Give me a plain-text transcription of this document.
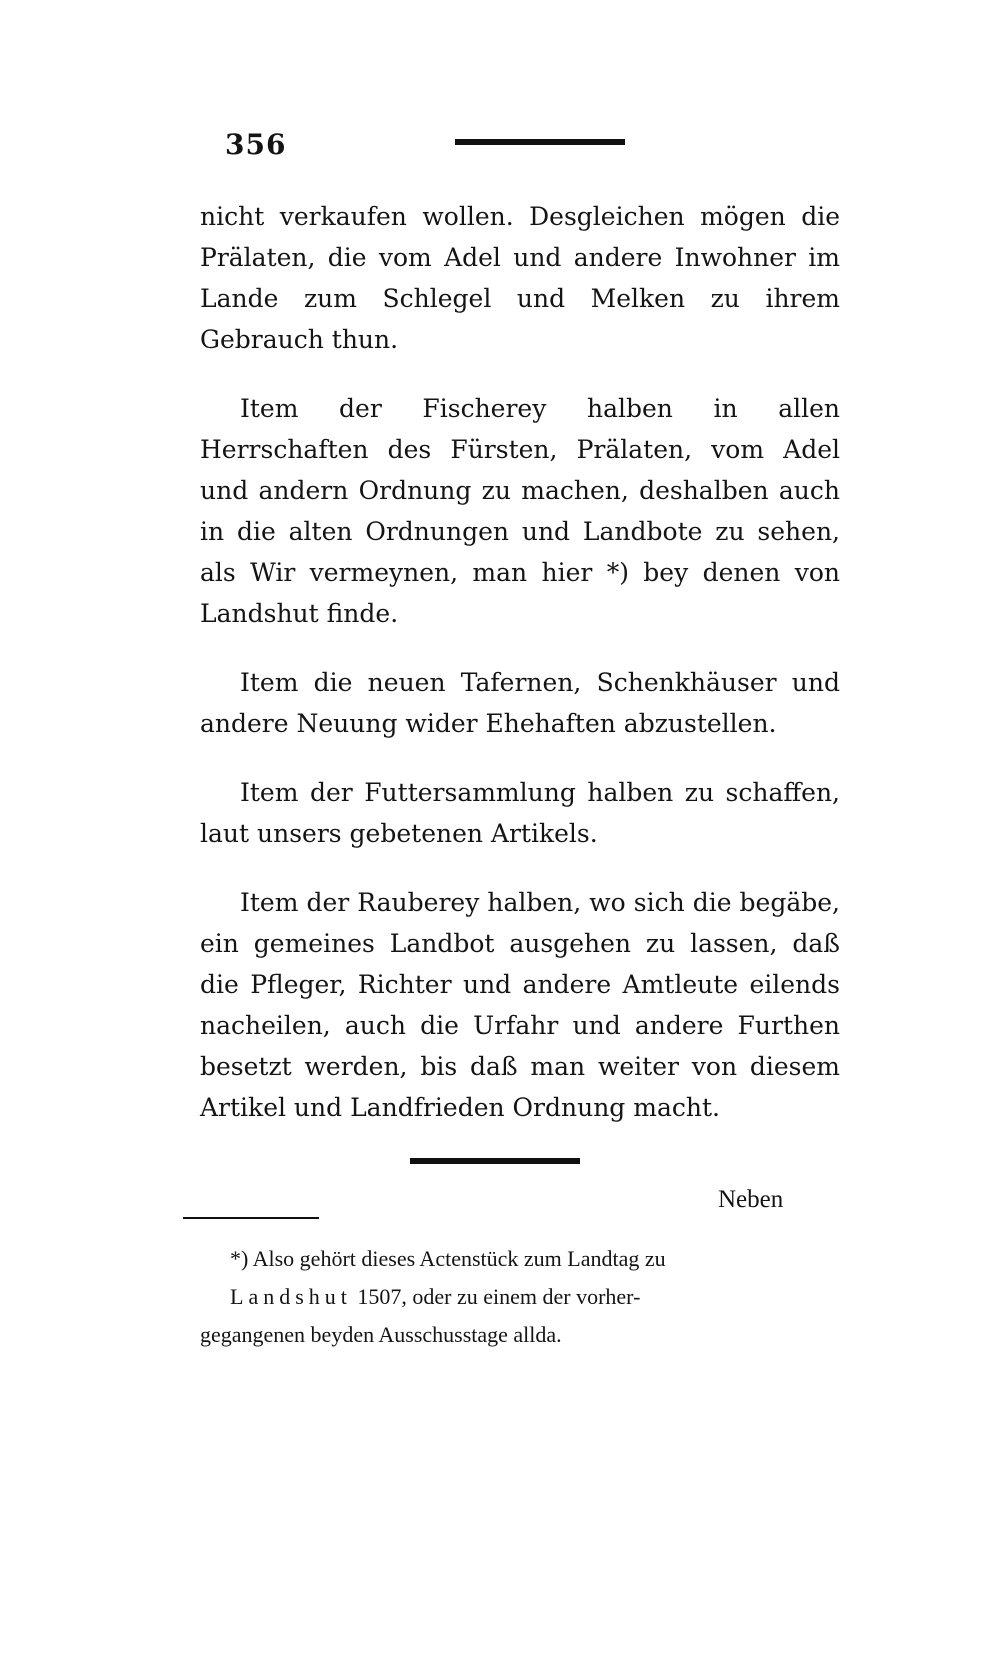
356

nicht verkaufen wollen. Desgleichen mögen die Prälaten, die vom Adel und andere Inwohner im Lande zum Schlegel und Melken zu ihrem Gebrauch thun.

Item der Fischerey halben in allen Herrschaften des Fürsten, Prälaten, vom Adel und andern Ordnung zu machen, deshalben auch in die alten Ordnungen und Landbote zu sehen, als Wir vermeynen, man hier *) bey denen von Landshut finde.

Item die neuen Tafernen, Schenkhäuser und andere Neuung wider Ehehaften abzustellen.

Item der Futtersammlung halben zu schaffen, laut unsers gebetenen Artikels.

Item der Rauberey halben, wo sich die begäbe, ein gemeines Landbot ausgehen zu lassen, daß die Pfleger, Richter und andere Amtleute eilends nacheilen, auch die Urfahr und andere Furthen besetzt werden, bis daß man weiter von diesem Artikel und Landfrieden Ordnung macht.

Neben
*) Also gehört dieses Actenstück zum Landtag zu
Landshut 1507, oder zu einem der vorher-
gegangenen beyden Ausschusstage allda.
